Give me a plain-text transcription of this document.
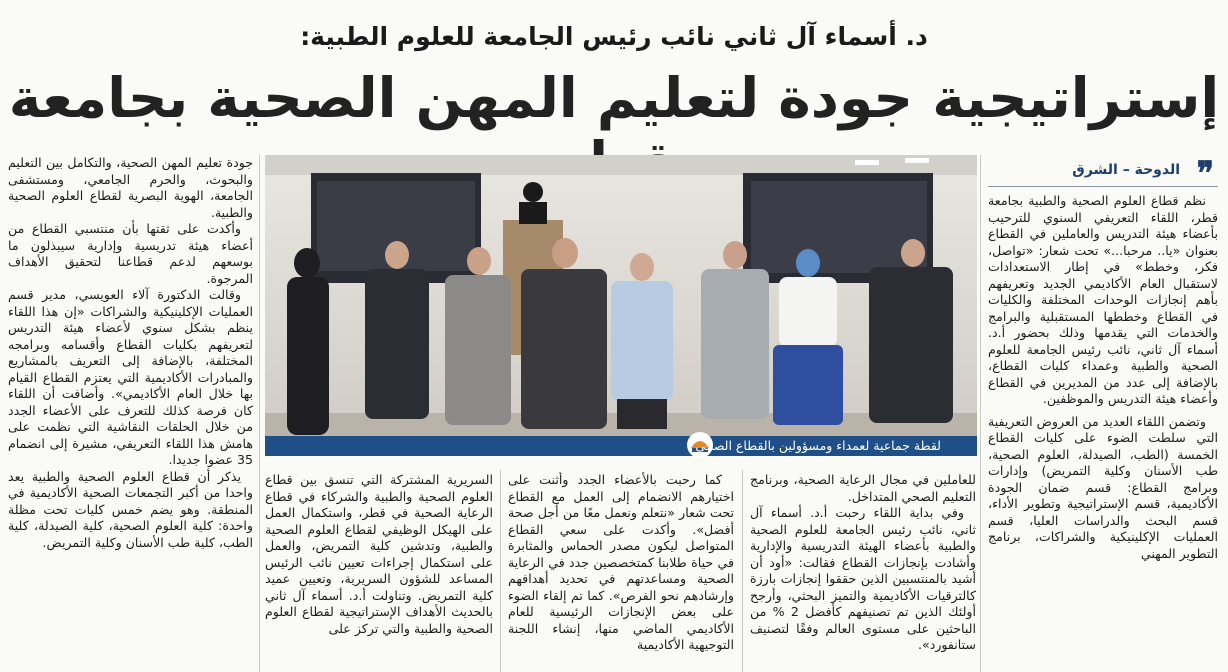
د. أسماء آل ثاني نائب رئيس الجامعة للعلوم الطبية:
إستراتيجية جودة لتعليم المهن الصحية بجامعة
❞
الدوحة – الشرق

نظم قطاع العلوم الصحية والطبية بجامعة قطر، اللقاء التعريفي السنوي للترحيب بأعضاء هيئة التدريس والعاملين في القطاع بعنوان «يا.. مرحبا...» تحت شعار: «تواصل، فكر، وخطط» في إطار الاستعدادات لاستقبال العام الأكاديمي الجديد وتعريفهم بأهم إنجازات الوحدات المختلفة والكليات في القطاع وخططها المستقبلية والبرامج والخدمات التي يقدمها وذلك بحضور أ.د. أسماء آل ثاني، نائب رئيس الجامعة للعلوم الصحية والطبية وعمداء كليات القطاع، بالإضافة إلى عدد من المديرين في القطاع وأعضاء هيئة التدريس والموظفين.

وتضمن اللقاء العديد من العروض التعريفية التي سلطت الضوء على كليات القطاع الخمسة (الطب، الصيدلة، العلوم الصحية، طب الأسنان وكلية التمريض) وإدارات وبرامج القطاع: قسم ضمان الجودة الأكاديمية، قسم الإستراتيجية وتطوير الأداء، قسم البحث والدراسات العليا، قسم العمليات الإكلينيكية والشراكات، برنامج التطوير المهني

لقطة جماعية لعمداء ومسؤولين بالقطاع الصحي

للعاملين في مجال الرعاية الصحية، وبرنامج التعليم الصحي المتداخل.

وفي بداية اللقاء رحبت أ.د. أسماء آل ثاني، نائب رئيس الجامعة للعلوم الصحية والطبية بأعضاء الهيئة التدريسية والإدارية وأشادت بإنجازات القطاع فقالت: «أود أن أشيد بالمنتسبين الذين حققوا إنجازات بارزة كالترقيات الأكاديمية والتميز البحثي، وأرجح أولئك الذين تم تصنيفهم كأفضل 2 % من الباحثين على مستوى العالم وفقًا لتصنيف ستانفورد».

كما رحبت بالأعضاء الجدد وأثنت على اختيارهم الانضمام إلى العمل مع القطاع تحت شعار «نتعلم ونعمل معًا من أجل صحة أفضل». وأكدت على سعي القطاع المتواصل ليكون مصدر الحماس والمثابرة في حياة طلابنا كمتخصصين جدد في الرعاية الصحية ومساعدتهم في تحديد أهدافهم وإرشادهم نحو الفرص». كما تم إلقاء الضوء على بعض الإنجازات الرئيسية للعام الأكاديمي الماضي منها، إنشاء اللجنة التوجيهية الأكاديمية

السريرية المشتركة التي تنسق بين قطاع العلوم الصحية والطبية والشركاء في قطاع الرعاية الصحية في قطر، واستكمال العمل على الهيكل الوظيفي لقطاع العلوم الصحية والطبية، وتدشين كلية التمريض، والعمل على استكمال إجراءات تعيين نائب الرئيس المساعد للشؤون السريرية، وتعيين عميد كلية التمريض. وتناولت أ.د. أسماء آل ثاني بالحديث الأهداف الإستراتيجية لقطاع العلوم الصحية والطبية والتي تركز على

جودة تعليم المهن الصحية، والتكامل بين التعليم والبحوث، والحرم الجامعي، ومستشفى الجامعة، الهوية البصرية لقطاع العلوم الصحية والطبية.

وأكدت على ثقتها بأن منتسبي القطاع من أعضاء هيئة تدريسية وإدارية سيبذلون ما بوسعهم لدعم قطاعنا لتحقيق الأهداف المرجوة.

وقالت الدكتورة آلاء العويسي، مدير قسم العمليات الإكلينيكية والشراكات «إن هذا اللقاء ينظم بشكل سنوي لأعضاء هيئة التدريس لتعريفهم بكليات القطاع وأقسامه وبرامجه المختلفة، بالإضافة إلى التعريف بالمشاريع والمبادرات الأكاديمية التي يعتزم القطاع القيام بها خلال العام الأكاديمي». وأضافت أن اللقاء كان فرصة كذلك للتعرف على الأعضاء الجدد من خلال الحلقات النقاشية التي نظمت على هامش هذا اللقاء التعريفي، مشيرة إلى انضمام 35 عضوا جديدا.

يذكر أن قطاع العلوم الصحية والطبية يعد واحدا من أكبر التجمعات الصحية الأكاديمية في المنطقة. وهو يضم خمس كليات تحت مظلة واحدة: كلية العلوم الصحية، كلية الصيدلة، كلية الطب، كلية طب الأسنان وكلية التمريض.
